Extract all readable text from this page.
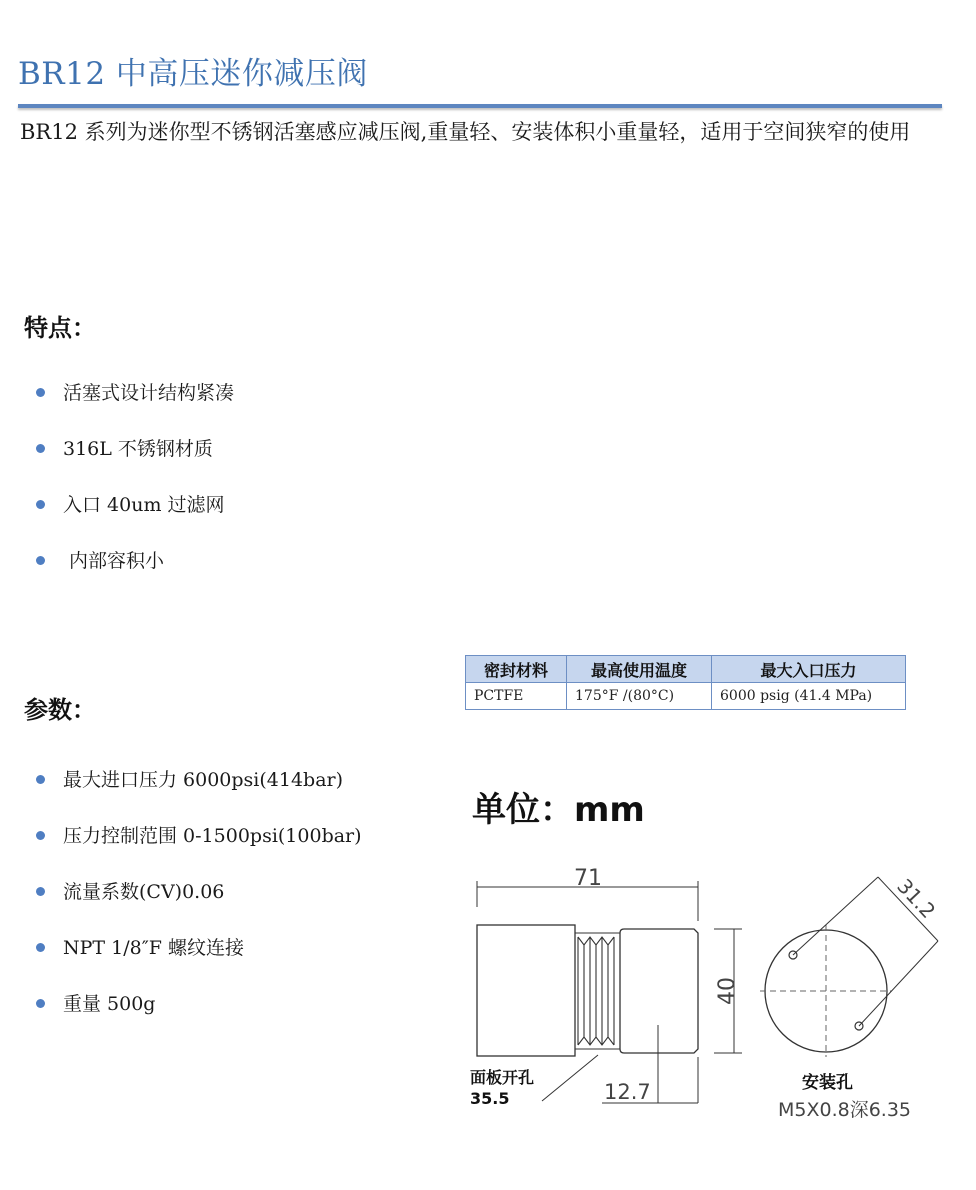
BR12 中高压迷你减压阀
BR12 系列为迷你型不锈钢活塞感应减压阀,重量轻、安装体积小重量轻，适用于空间狭窄的使用
特点：
活塞式设计结构紧凑
316L 不锈钢材质
入口 40um 过滤网
内部容积小
密封材料	最高使用温度	最大入口压力
PCTFE	175°F /(80°C)	6000 psig (41.4 MPa)
参数：
最大进口压力 6000psi(414bar)
压力控制范围 0-1500psi(100bar)
流量系数(CV)0.06
NPT 1/8″F 螺纹连接
重量 500g
单位：mm
71
40
12.7
面板开孔
35.5
31.2
安装孔
M5X0.8深6.35
